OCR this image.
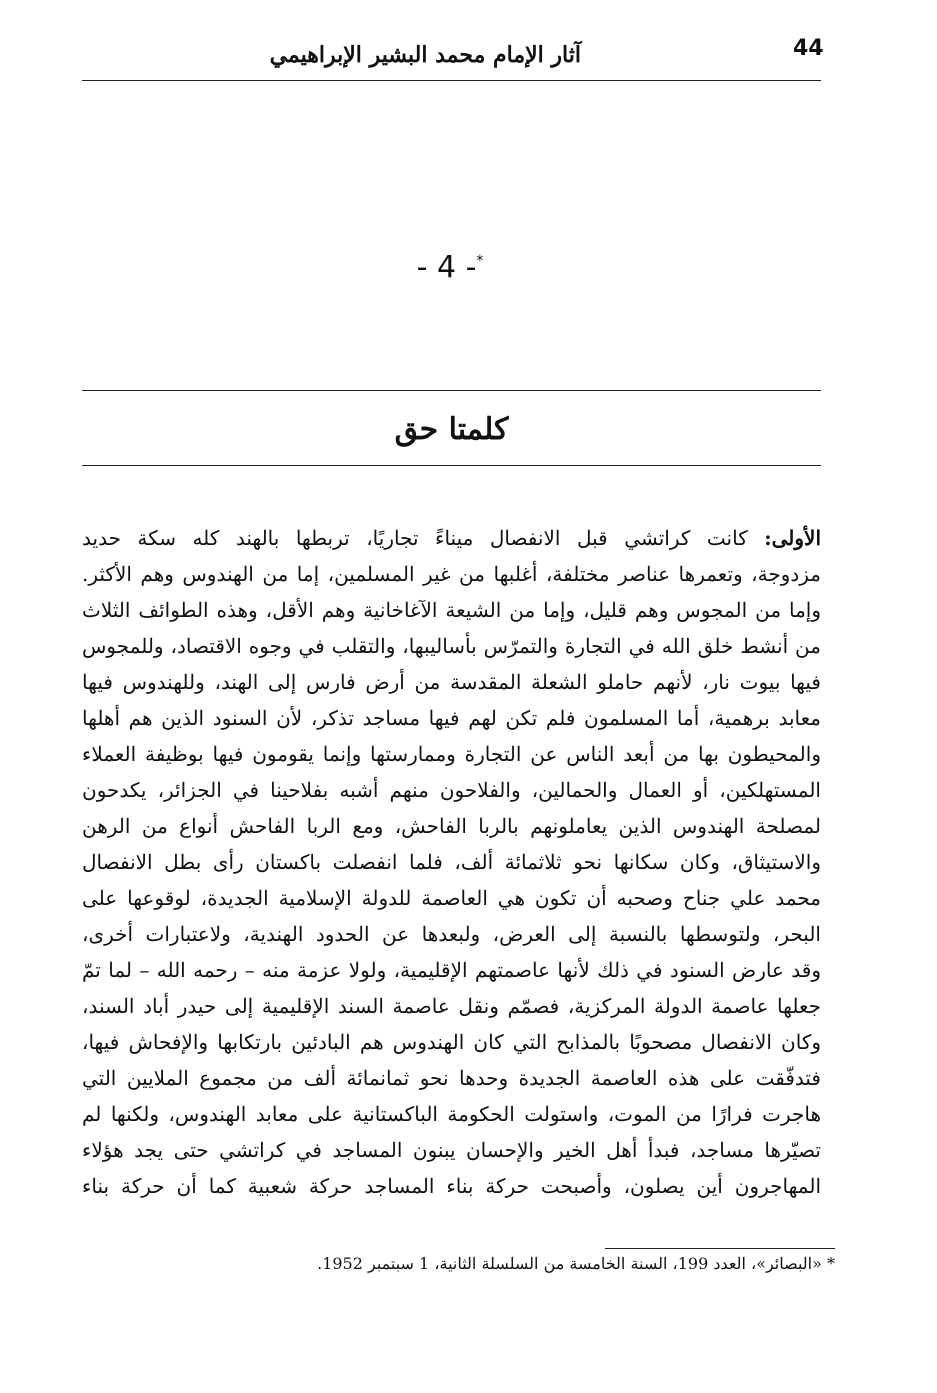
44
آثار الإمام محمد البشير الإبراهيمي
- 4 -*
كلمتا حق
الأولى: كانت كراتشي قبل الانفصال ميناءً تجاريًا، تربطها بالهند كله سكة حديد
مزدوجة، وتعمرها عناصر مختلفة، أغلبها من غير المسلمين، إما من الهندوس وهم الأكثر.
وإما من المجوس وهم قليل، وإما من الشيعة الآغاخانية وهم الأقل، وهذه الطوائف الثلاث
من أنشط خلق الله في التجارة والتمرّس بأساليبها، والتقلب في وجوه الاقتصاد، وللمجوس
فيها بيوت نار، لأنهم حاملو الشعلة المقدسة من أرض فارس إلى الهند، وللهندوس فيها
معابد برهمية، أما المسلمون فلم تكن لهم فيها مساجد تذكر، لأن السنود الذين هم أهلها
والمحيطون بها من أبعد الناس عن التجارة وممارستها وإنما يقومون فيها بوظيفة العملاء
المستهلكين، أو العمال والحمالين، والفلاحون منهم أشبه بفلاحينا في الجزائر، يكدحون
لمصلحة الهندوس الذين يعاملونهم بالربا الفاحش، ومع الربا الفاحش أنواع من الرهن
والاستيثاق، وكان سكانها نحو ثلاثمائة ألف، فلما انفصلت باكستان رأى بطل الانفصال
محمد علي جناح وصحبه أن تكون هي العاصمة للدولة الإسلامية الجديدة، لوقوعها على
البحر، ولتوسطها بالنسبة إلى العرض، ولبعدها عن الحدود الهندية، ولاعتبارات أخرى،
وقد عارض السنود في ذلك لأنها عاصمتهم الإقليمية، ولولا عزمة منه – رحمه الله – لما تمّ
جعلها عاصمة الدولة المركزية، فصمّم ونقل عاصمة السند الإقليمية إلى حيدر أباد السند،
وكان الانفصال مصحوبًا بالمذابح التي كان الهندوس هم البادئين بارتكابها والإفحاش فيها،
فتدفّقت على هذه العاصمة الجديدة وحدها نحو ثمانمائة ألف من مجموع الملايين التي
هاجرت فرارًا من الموت، واستولت الحكومة الباكستانية على معابد الهندوس، ولكنها لم
تصيّرها مساجد، فبدأ أهل الخير والإحسان يبنون المساجد في كراتشي حتى يجد هؤلاء
المهاجرون أين يصلون، وأصبحت حركة بناء المساجد حركة شعبية كما أن حركة بناء
* «البصائر»، العدد 199، السنة الخامسة من السلسلة الثانية، 1 سبتمبر 1952.
